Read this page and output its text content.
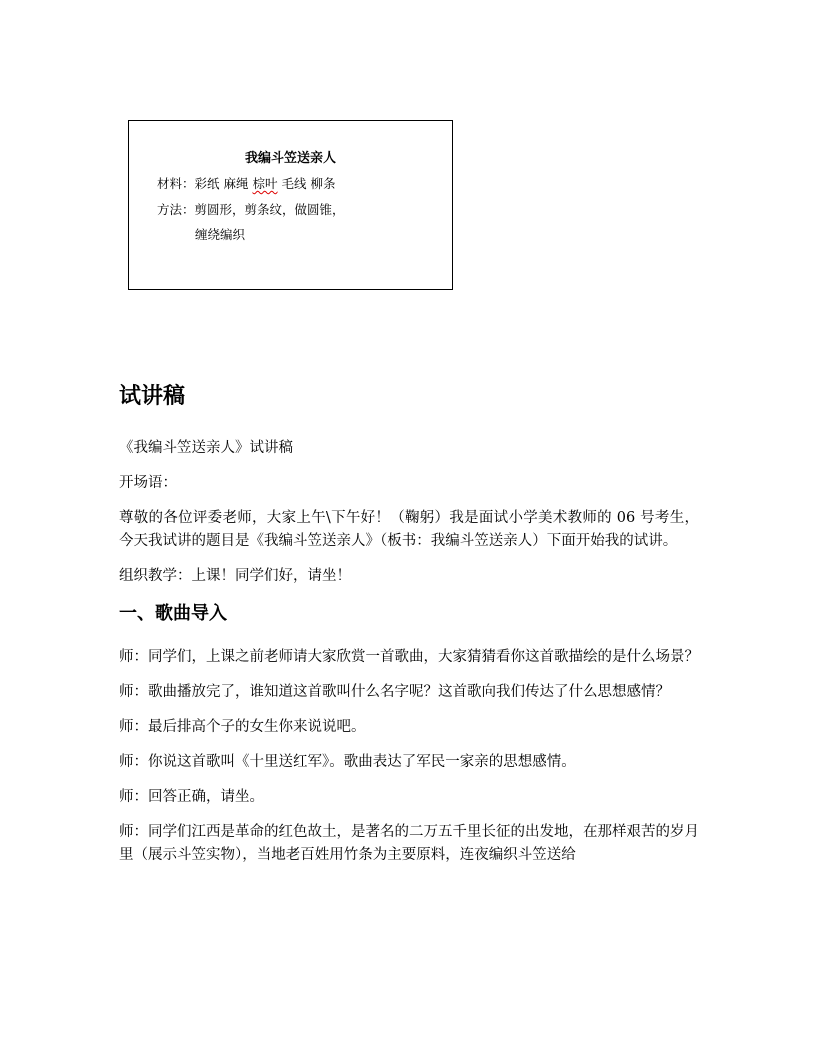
我编斗笠送亲人
材料：彩纸 麻绳 棕叶 毛线 柳条
方法：剪圆形，剪条纹，做圆锥，
缠绕编织
试讲稿

《我编斗笠送亲人》试讲稿

开场语：

尊敬的各位评委老师，大家上午\下午好！（鞠躬）我是面试小学美术教师的 06 号考生，今天我试讲的题目是《我编斗笠送亲人》（板书：我编斗笠送亲人）下面开始我的试讲。

组织教学：上课！同学们好，请坐！

一、歌曲导入

师：同学们，上课之前老师请大家欣赏一首歌曲，大家猜猜看你这首歌描绘的是什么场景？

师：歌曲播放完了，谁知道这首歌叫什么名字呢？这首歌向我们传达了什么思想感情？

师：最后排高个子的女生你来说说吧。

师：你说这首歌叫《十里送红军》。歌曲表达了军民一家亲的思想感情。

师：回答正确，请坐。

师：同学们江西是革命的红色故土，是著名的二万五千里长征的出发地，在那样艰苦的岁月里（展示斗笠实物），当地老百姓用竹条为主要原料，连夜编织斗笠送给
